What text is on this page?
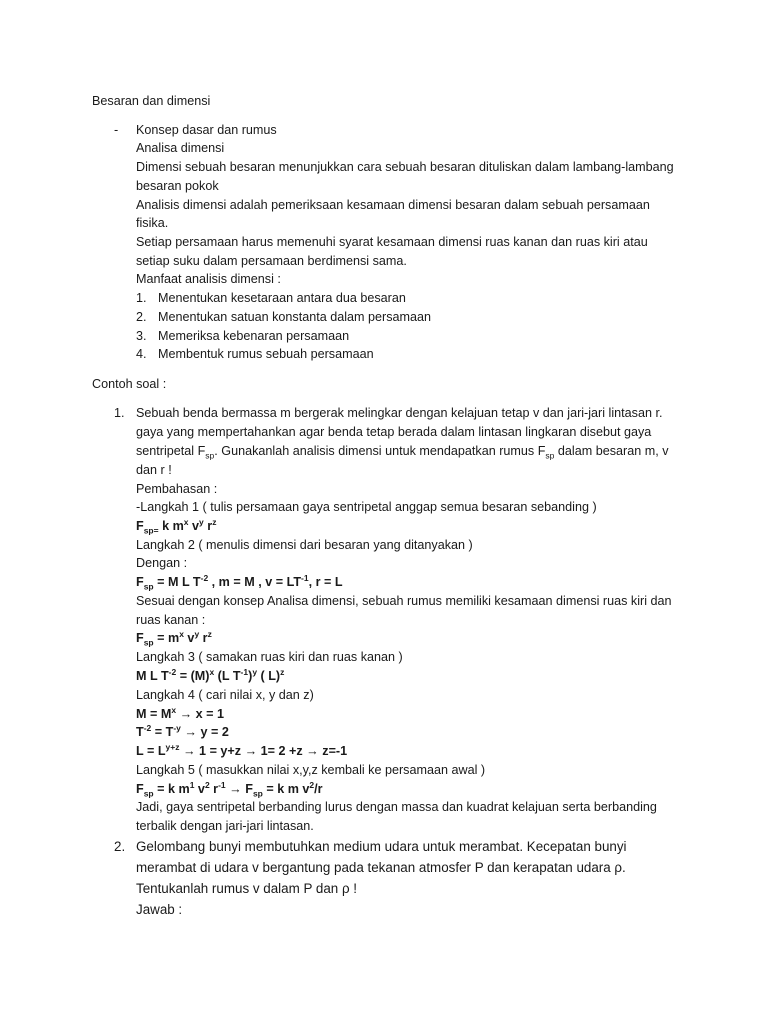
Besaran dan dimensi
- Konsep dasar dan rumus
Analisa dimensi
Dimensi sebuah besaran menunjukkan cara sebuah besaran dituliskan dalam lambang-lambang
besaran pokok
Analisis dimensi adalah pemeriksaan kesamaan dimensi besaran dalam sebuah persamaan
fisika.
Setiap persamaan harus memenuhi syarat kesamaan dimensi ruas kanan dan ruas kiri atau
setiap suku dalam persamaan berdimensi sama.
Manfaat analisis dimensi :
1. Menentukan kesetaraan antara dua besaran
2. Menentukan satuan konstanta dalam persamaan
3. Memeriksa kebenaran persamaan
4. Membentuk rumus sebuah persamaan
Contoh soal :
1. Sebuah benda bermassa m bergerak melingkar dengan kelajuan tetap v dan jari-jari lintasan r.
gaya yang mempertahankan agar benda tetap berada dalam lintasan lingkaran disebut gaya
sentripetal $F_{sp}$. Gunakanlah analisis dimensi untuk mendapatkan rumus $F_{sp}$ dalam besaran m, v
dan r !
Pembahasan :
-Langkah 1 ( tulis persamaan gaya sentripetal anggap semua besaran sebanding )
$F_{sp=}$ k $m^x$ $v^y$ $r^z$
Langkah 2 ( menulis dimensi dari besaran yang ditanyakan )
Dengan :
$F_{sp} = M$ L $T^{-2}$ , m = M , $v = LT^{-1}$, r = L
Sesuai dengan konsep Analisa dimensi, sebuah rumus memiliki kesamaan dimensi ruas kiri dan
ruas kanan :
$F_{sp} = m^x$ $v^y$ $r^z$
Langkah 3 ( samakan ruas kiri dan ruas kanan )
M L $T^{-2} = (M)^x$ (L $T^{-1})^y$ ( L)$^z$
Langkah 4 ( cari nilai x, y dan z)
$M = M^x \to x = 1$
$T^{-2} = T^{-y} \to y = 2$
$L = L^{y+z} \to 1 = y+z \to 1= 2 +z \to z=-1$
Langkah 5 ( masukkan nilai x,y,z kembali ke persamaan awal )
$F_{sp} = k$ $m^1$ $v^2$ $r^{-1} \to F_{sp} = k$ m $v^2/r$
Jadi, gaya sentripetal berbanding lurus dengan massa dan kuadrat kelajuan serta berbanding
terbalik dengan jari-jari lintasan.
2. Gelombang bunyi membutuhkan medium udara untuk merambat. Kecepatan bunyi
merambat di udara v bergantung pada tekanan atmosfer P dan kerapatan udara ρ.
Tentukanlah rumus v dalam P dan ρ !
Jawab :
